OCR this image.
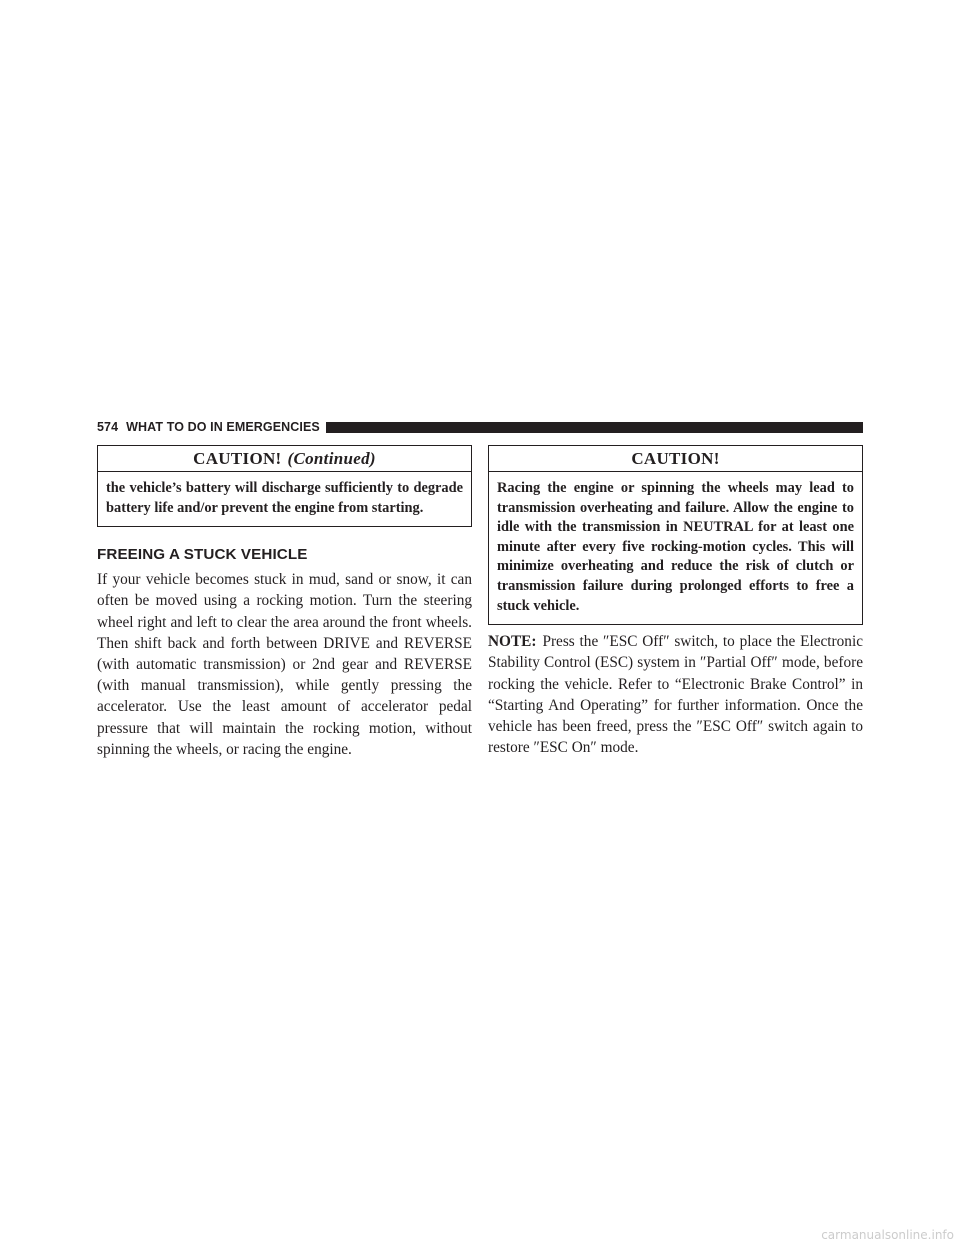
574 WHAT TO DO IN EMERGENCIES
CAUTION! (Continued)
the vehicle’s battery will discharge sufficiently to degrade battery life and/or prevent the engine from starting.
FREEING A STUCK VEHICLE

If your vehicle becomes stuck in mud, sand or snow, it can often be moved using a rocking motion. Turn the steering wheel right and left to clear the area around the front wheels. Then shift back and forth between DRIVE and REVERSE (with automatic transmission) or 2nd gear and REVERSE (with manual transmission), while gently pressing the accelerator. Use the least amount of accelerator pedal pressure that will maintain the rocking motion, without spinning the wheels, or racing the engine.

CAUTION!
Racing the engine or spinning the wheels may lead to transmission overheating and failure. Allow the engine to idle with the transmission in NEUTRAL for at least one minute after every five rocking-motion cycles. This will minimize overheating and reduce the risk of clutch or transmission failure during prolonged efforts to free a stuck vehicle.

NOTE: Press the ″ESC Off″ switch, to place the Electronic Stability Control (ESC) system in ″Partial Off″ mode, before rocking the vehicle. Refer to “Electronic Brake Control” in “Starting And Operating” for further information. Once the vehicle has been freed, press the ″ESC Off″ switch again to restore ″ESC On″ mode.

carmanualsonline.info
